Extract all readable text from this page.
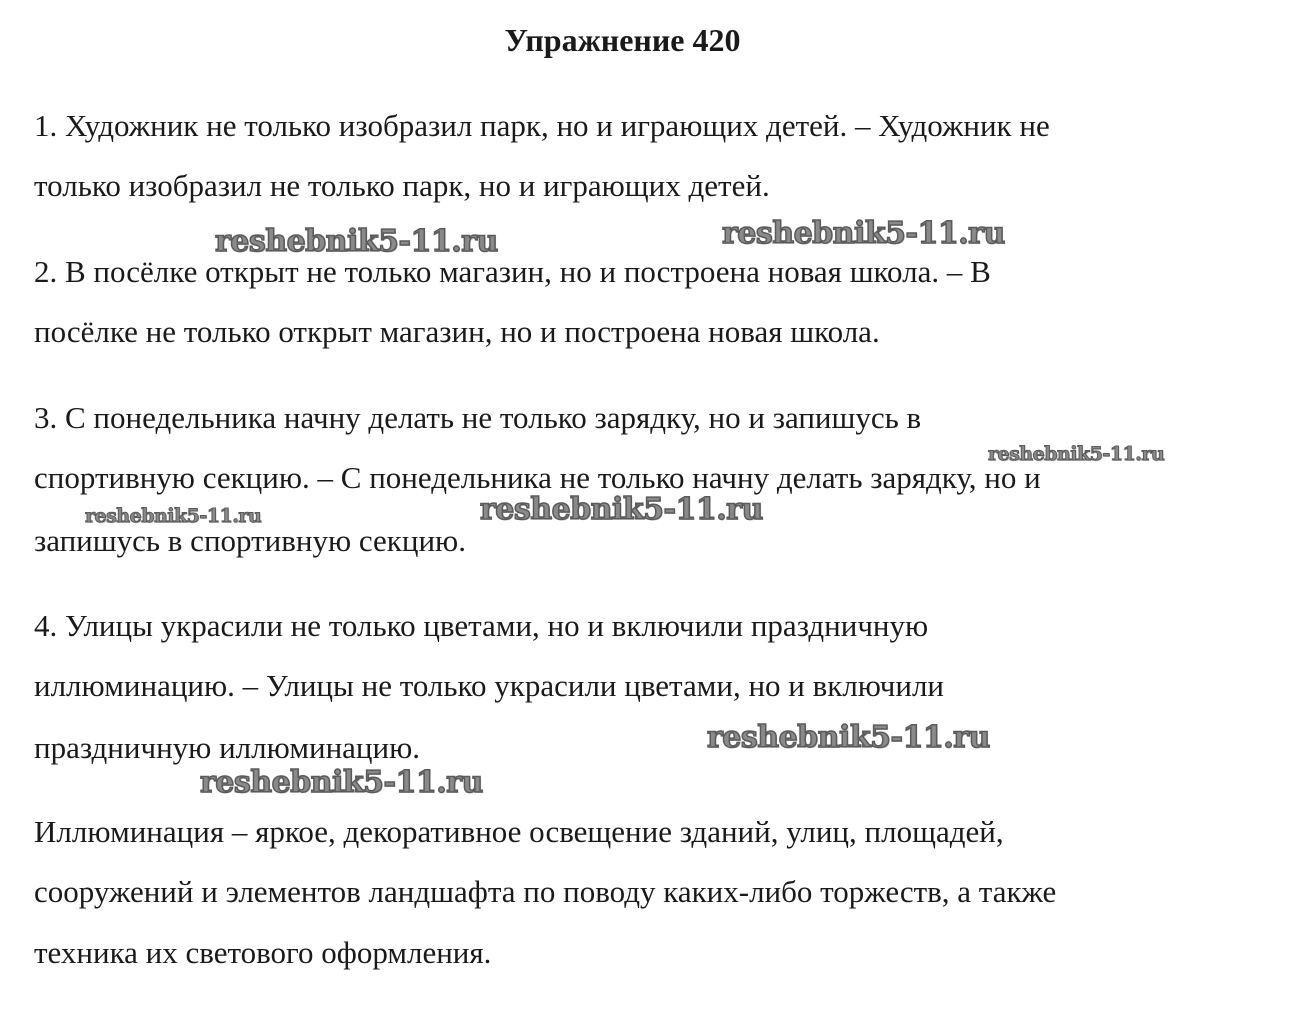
Упражнение 420
1. Художник не только изобразил парк, но и играющих детей. – Художник не
только изобразил не только парк, но и играющих детей.
2. В посёлке открыт не только магазин, но и построена новая школа. – В
посёлке не только открыт магазин, но и построена новая школа.
3. С понедельника начну делать не только зарядку, но и запишусь в
спортивную секцию. – С понедельника не только начну делать зарядку, но и
запишусь в спортивную секцию.
4. Улицы украсили не только цветами, но и включили праздничную
иллюминацию. – Улицы не только украсили цветами, но и включили
праздничную иллюминацию.
Иллюминация – яркое, декоративное освещение зданий, улиц, площадей,
сооружений и элементов ландшафта по поводу каких-либо торжеств, а также
техника их светового оформления.
reshebnik5-11.ru	reshebnik5-11.ru
reshebnik5-11.ru
reshebnik5-11.ru	reshebnik5-11.ru
reshebnik5-11.ru
reshebnik5-11.ru
